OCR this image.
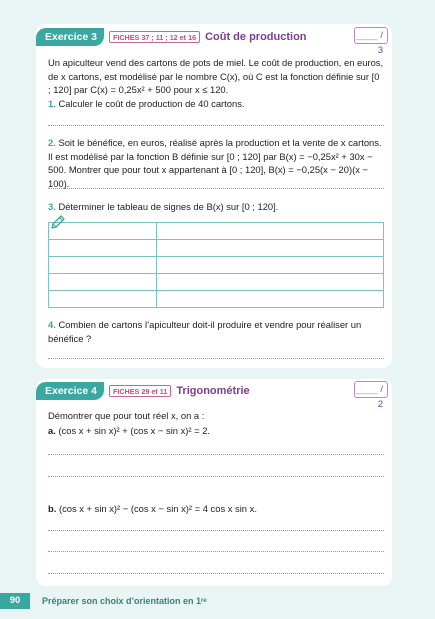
Exercice 3	FICHES 37 ; 11 ; 12 et 16 Coût de production	____ / 3

Un apiculteur vend des cartons de pots de miel. Le coût de production, en euros, de x cartons, est modélisé par le nombre C(x), où C est la fonction définie sur [0 ; 120] par C(x) = 0,25x² + 500 pour x ≤ 120.

1. Calculer le coût de production de 40 cartons.

2. Soit le bénéfice, en euros, réalisé après la production et la vente de x cartons. Il est modélisé par la fonction B définie sur [0 ; 120] par B(x) = −0,25x² + 30x − 500. Montrer que pour tout x appartenant à [0 ; 120], B(x) = −0,25(x − 20)(x − 100).

3. Déterminer le tableau de signes de B(x) sur [0 ; 120].

4. Combien de cartons l’apiculteur doit-il produire et vendre pour réaliser un bénéfice ?

Exercice 4	FICHES 29 et 11 Trigonométrie	____ / 2

Démontrer que pour tout réel x, on a :

a. (cos x + sin x)² + (cos x − sin x)² = 2.

b. (cos x + sin x)² − (cos x − sin x)² = 4 cos x sin x.

90	Préparer son choix d’orientation en 1ʳᵉ
